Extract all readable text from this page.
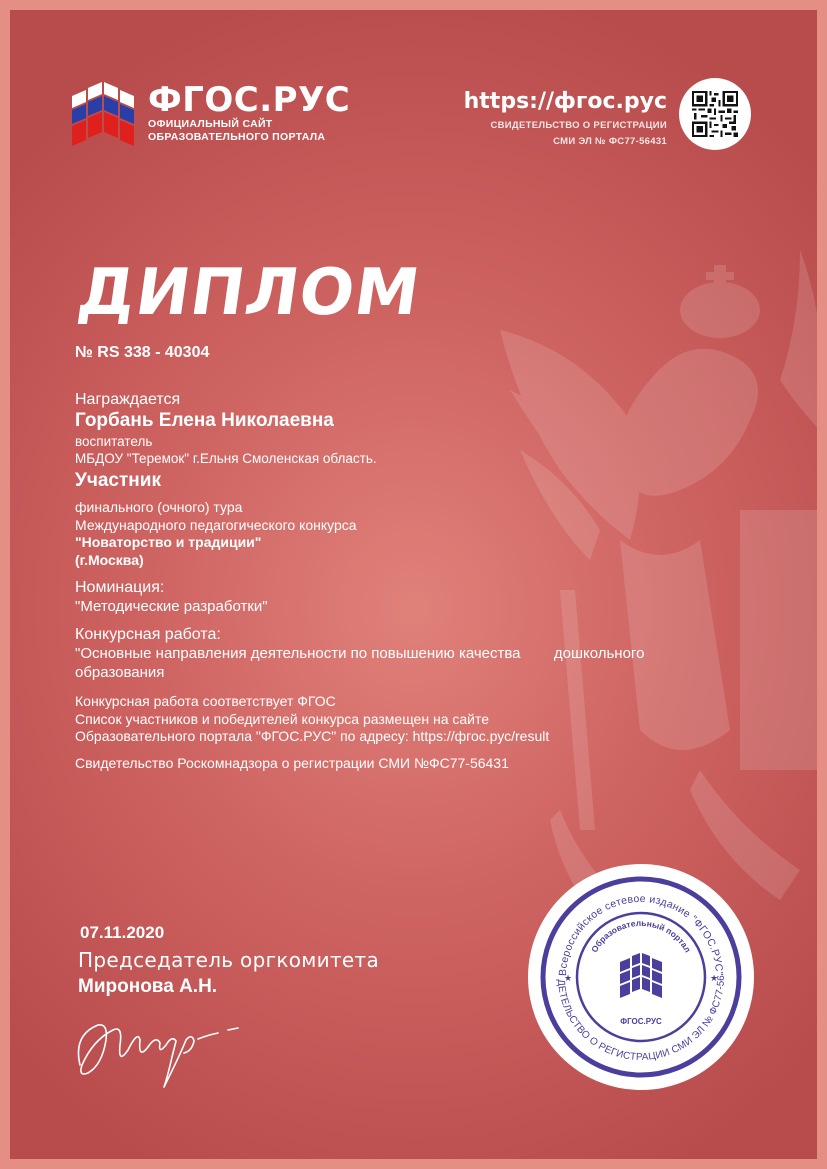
ФГОС.РУС
ОФИЦИАЛЬНЫЙ САЙТ
ОБРАЗОВАТЕЛЬНОГО ПОРТАЛА
https://фгос.рус
СВИДЕТЕЛЬСТВО О РЕГИСТРАЦИИ
СМИ ЭЛ № ФС77-56431
ДИПЛОМ

№ RS 338 - 40304

Награждается

Горбань Елена Николаевна

воспитатель

МБДОУ "Теремок" г.Ельня Смоленская область.

Участник

финального (очного) тура

Международного педагогического конкурса

"Новаторство и традиции"

(г.Москва)

Номинация:

"Методические разработки"

Конкурсная работа:

"Основные направления деятельности по повышению качества        дошкольного

образования

Конкурсная работа соответствует ФГОС

Список участников и победителей конкурса размещен на сайте

Образовательного портала "ФГОС.РУС" по адресу: https://фгос.рус/result

Свидетельство Роскомнадзора о регистрации СМИ №ФС77-56431

07.11.2020

Председатель оргкомитета

Миронова А.Н.

Всероссийское сетевое издание "ФГОС.РУС"
ДЕТЕЛЬСТВО О РЕГИСТРАЦИИ СМИ ЭЛ № ФС77-56
Образовательный портал
★	★
ФГОС.РУС
